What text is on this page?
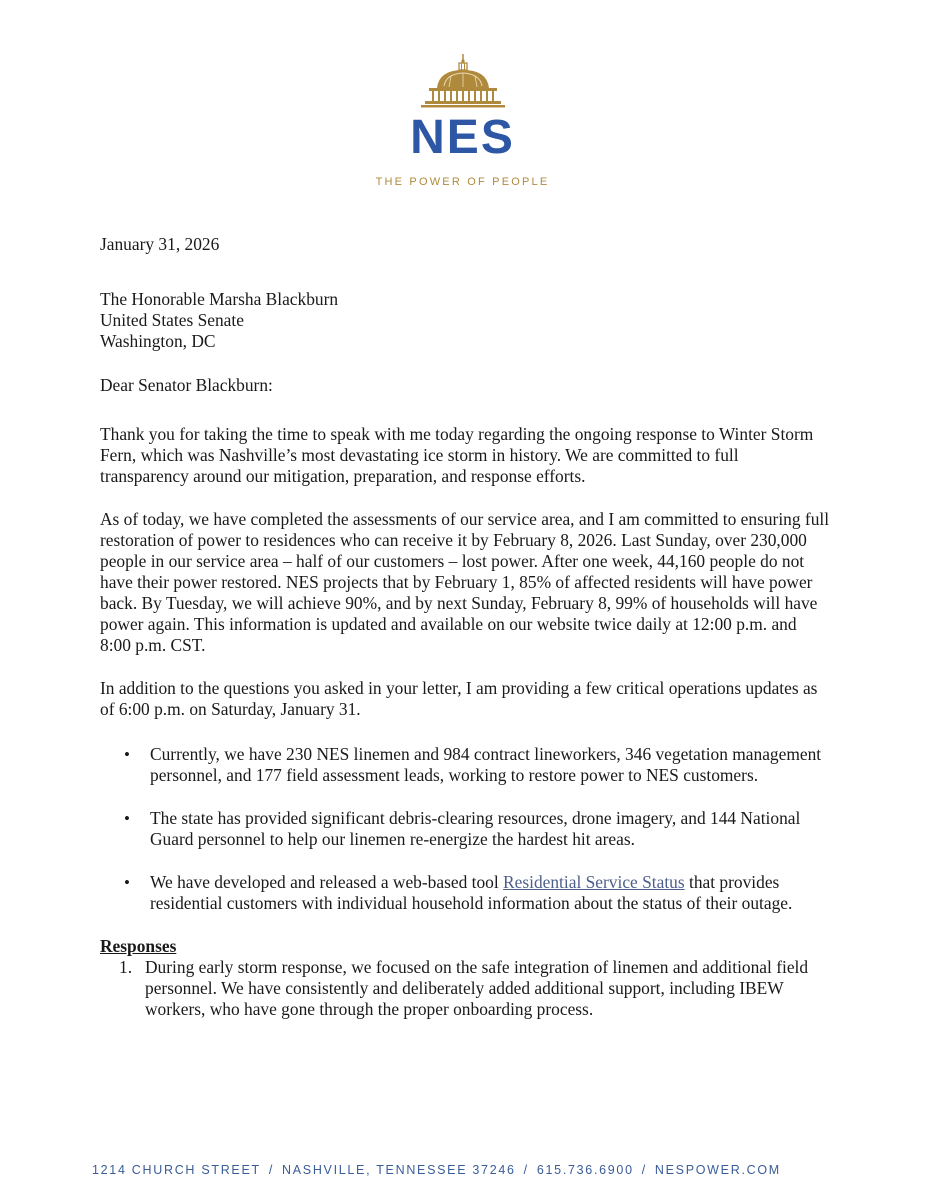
NES
THE POWER OF PEOPLE

January 31, 2026

The Honorable Marsha Blackburn

United States Senate

Washington, DC

Dear Senator Blackburn:

Thank you for taking the time to speak with me today regarding the ongoing response to Winter Storm Fern, which was Nashville’s most devastating ice storm in history. We are committed to full transparency around our mitigation, preparation, and response efforts.

As of today, we have completed the assessments of our service area, and I am committed to ensuring full restoration of power to residences who can receive it by February 8, 2026. Last Sunday, over 230,000 people in our service area – half of our customers – lost power. After one week, 44,160 people do not have their power restored. NES projects that by February 1, 85% of affected residents will have power back. By Tuesday, we will achieve 90%, and by next Sunday, February 8, 99% of households will have power again. This information is updated and available on our website twice daily at 12:00 p.m. and 8:00 p.m. CST.

In addition to the questions you asked in your letter, I am providing a few critical operations updates as of 6:00 p.m. on Saturday, January 31.

• Currently, we have 230 NES linemen and 984 contract lineworkers, 346 vegetation management personnel, and 177 field assessment leads, working to restore power to NES customers.
• The state has provided significant debris-clearing resources, drone imagery, and 144 National Guard personnel to help our linemen re-energize the hardest hit areas.
• We have developed and released a web-based tool Residential Service Status that provides residential customers with individual household information about the status of their outage.

Responses

1. During early storm response, we focused on the safe integration of linemen and additional field personnel. We have consistently and deliberately added additional support, including IBEW workers, who have gone through the proper onboarding process.
1214 CHURCH STREET / NASHVILLE, TENNESSEE 37246 / 615.736.6900 / NESPOWER.COM
